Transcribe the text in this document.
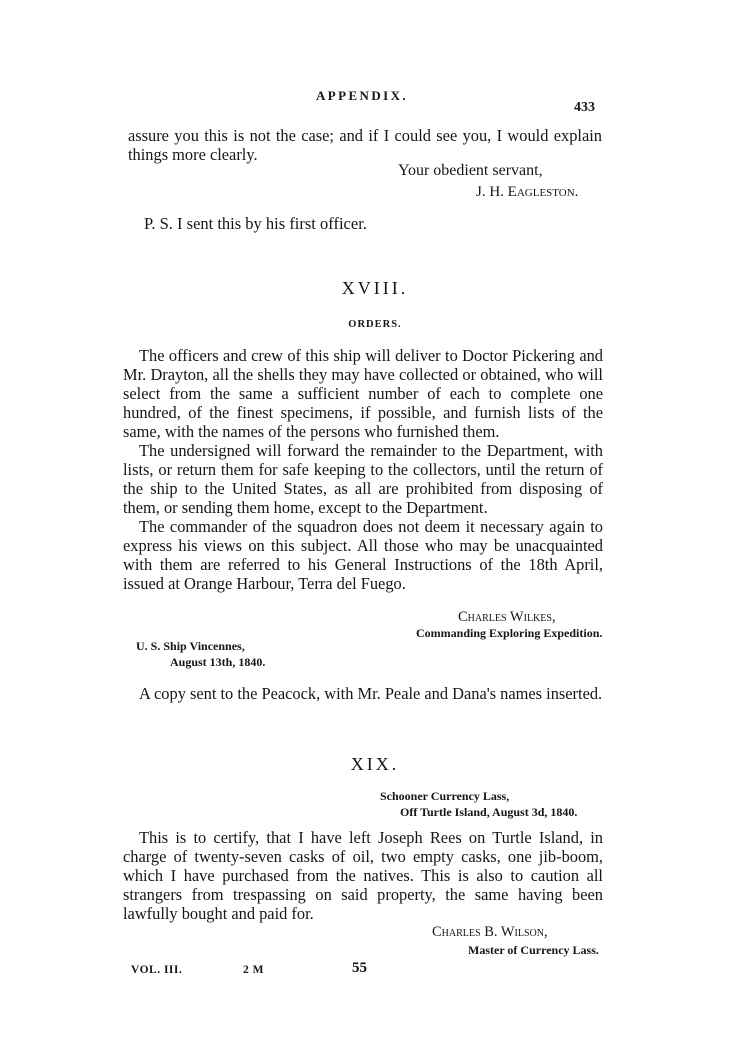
APPENDIX.
433
assure you this is not the case; and if I could see you, I would explain things more clearly.
Your obedient servant,
J. H. Eagleston.
P. S. I sent this by his first officer.
XVIII.
ORDERS.

The officers and crew of this ship will deliver to Doctor Pickering and Mr. Drayton, all the shells they may have collected or obtained, who will select from the same a sufficient number of each to complete one hundred, of the finest specimens, if possible, and furnish lists of the same, with the names of the persons who furnished them.

The undersigned will forward the remainder to the Department, with lists, or return them for safe keeping to the collectors, until the return of the ship to the United States, as all are prohibited from disposing of them, or sending them home, except to the Department.

The commander of the squadron does not deem it necessary again to express his views on this subject. All those who may be unacquainted with them are referred to his General Instructions of the 18th April, issued at Orange Harbour, Terra del Fuego.

Charles Wilkes,
Commanding Exploring Expedition.
U. S. Ship Vincennes,
August 13th, 1840.
A copy sent to the Peacock, with Mr. Peale and Dana's names inserted.
XIX.
Schooner Currency Lass,
Off Turtle Island, August 3d, 1840.
This is to certify, that I have left Joseph Rees on Turtle Island, in charge of twenty-seven casks of oil, two empty casks, one jib-boom, which I have purchased from the natives. This is also to caution all strangers from trespassing on said property, the same having been lawfully bought and paid for.
Charles B. Wilson,
Master of Currency Lass.
VOL. III.	2 M	55
